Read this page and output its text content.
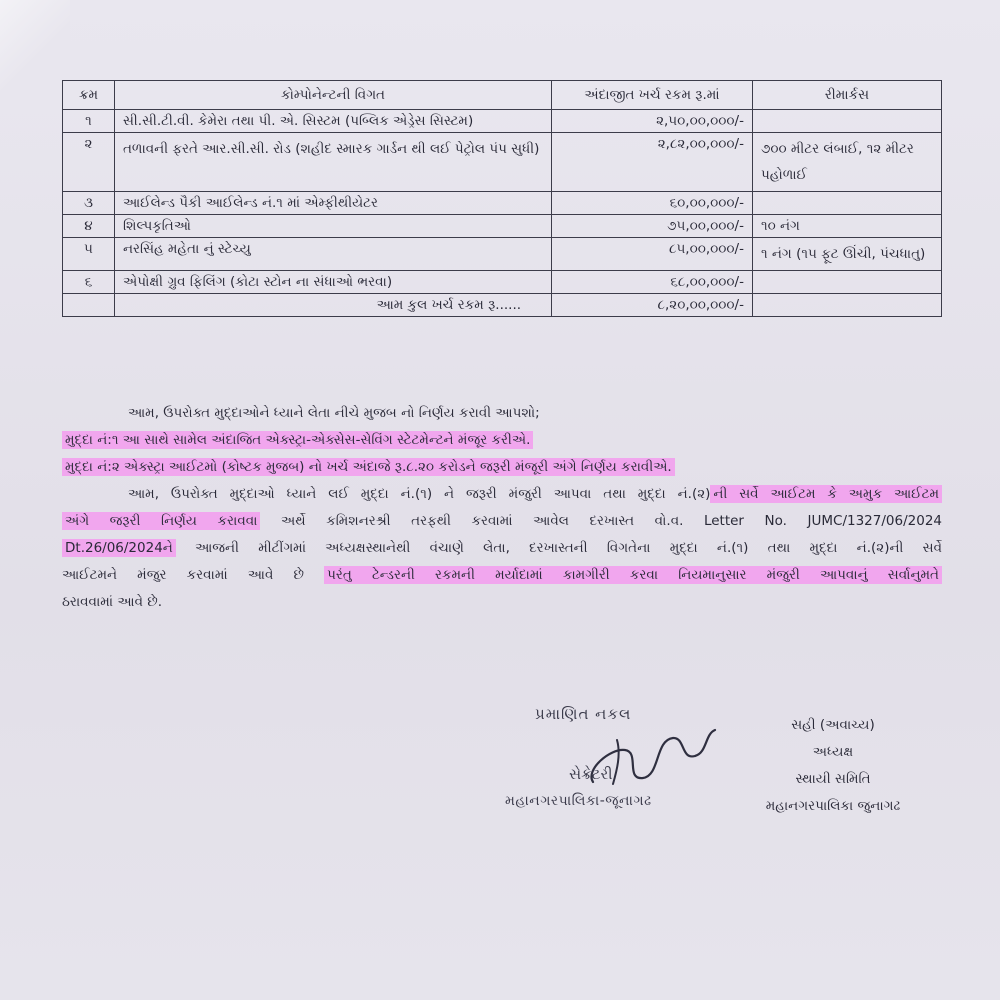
ક્રમ	કોમ્પોનેન્ટની વિગત	અંદાજીત ખર્ચ રકમ રૂ.માં	રીમાર્કસ
૧	સી.સી.ટી.વી. કેમેરા તથા પી. એ. સિસ્ટમ (પબ્લિક એડ્રેસ સિસ્ટમ)	૨,૫૦,૦૦,૦૦૦/-	
૨	તળાવની ફરતે આર.સી.સી. રોડ (શહીદ સ્મારક ગાર્ડન થી લઈ પેટ્રોલ પંપ સુધી)	૨,૮૨,૦૦,૦૦૦/-	૭૦૦ મીટર લંબાઈ, ૧૨ મીટર પહોળાઈ
૩	આઈલેન્ડ પૈકી આઈલેન્ડ નં.૧ માં એમ્ફીથીયેટર	૬૦,૦૦,૦૦૦/-	
૪	શિલ્પકૃતિઓ	૭૫,૦૦,૦૦૦/-	૧૦ નંગ
૫	નરસિંહ મહેતા નું સ્ટેચ્યુ	૮૫,૦૦,૦૦૦/-	૧ નંગ (૧૫ ફૂટ ઊંચી, પંચધાતુ)
૬	એપોક્ષી ગ્રુવ ફિલિંગ (કોટા સ્ટોન ના સંધાઓ ભરવા)	૬૮,૦૦,૦૦૦/-	
	આમ કુલ ખર્ચ રકમ રૂ......	૮,૨૦,૦૦,૦૦૦/-	
આમ, ઉપરોક્ત મુદ્દાઓને ધ્યાને લેતા નીચે મુજબ નો નિર્ણય કરાવી આપશો;
મુદ્દા નં:૧ આ સાથે સામેલ અંદાજિત એક્સ્ટ્રા-એક્સેસ-સેવિંગ સ્ટેટમેન્ટને મંજૂર કરીએ.
મુદ્દા નં:૨ એક્સ્ટ્રા આઈટમો (કોષ્ટક મુજબ) નો ખર્ચ અંદાજે રૂ.૮.૨૦ કરોડને જરૂરી મંજૂરી અંગે નિર્ણય કરાવીએ.
આમ, ઉપરોક્ત મુદ્દાઓ ધ્યાને લઈ મુદ્દા નં.(૧) ને જરૂરી મંજુરી આપવા તથા મુદ્દા નં.(૨) ની સર્વે આઈટમ કે અમુક આઈટમ
અંગે જરૂરી નિર્ણય કરાવવા અર્થે કમિશનરશ્રી તરફથી કરવામાં આવેલ દરખાસ્ત વો.વ. Letter No. JUMC/1327/06/2024
Dt.26/06/2024ને આજની મીટીંગમાં અધ્યક્ષસ્થાનેથી વંચાણે લેતા, દરખાસ્તની વિગતેના મુદ્દા નં.(૧) તથા મુદ્દા નં.(૨)ની સર્વે
આઈટમને મંજુર કરવામાં આવે છે પરંતુ ટેન્ડરની રકમની મર્યાદામાં કામગીરી કરવા નિયમાનુસાર મંજુરી આપવાનું સર્વાનુમતે
ઠરાવવામાં આવે છે.
પ્રમાણિત નકલ
સેક્રેટરી
મહાનગરપાલિકા-જૂનાગઢ
સહી (અવાચ્ય)
અધ્યક્ષ
સ્થાયી સમિતિ
મહાનગરપાલિકા જુનાગઢ
